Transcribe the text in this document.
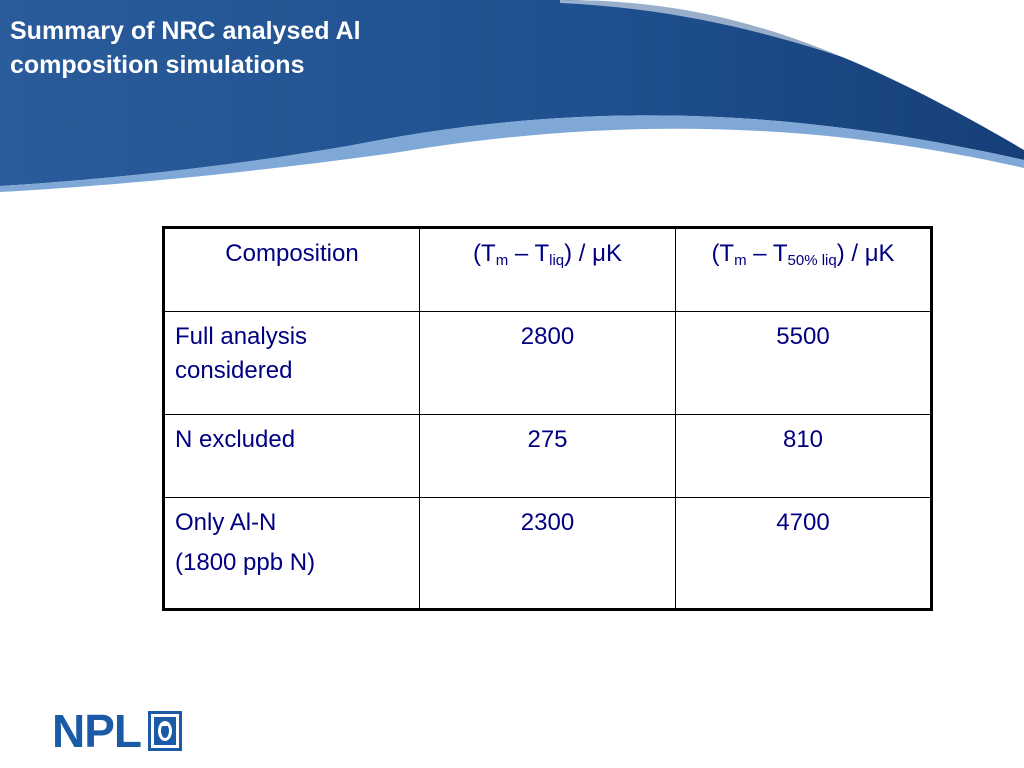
Summary of NRC analysed Al composition simulations
Composition	$(T_m - T_{liq})$ / μK	$(T_m - T_{50\% liq})$ / μK

Full analysis considered	2800	5500

N excluded	275	810

Only Al-N
(1800 ppb N)	2300	4700
NPL
